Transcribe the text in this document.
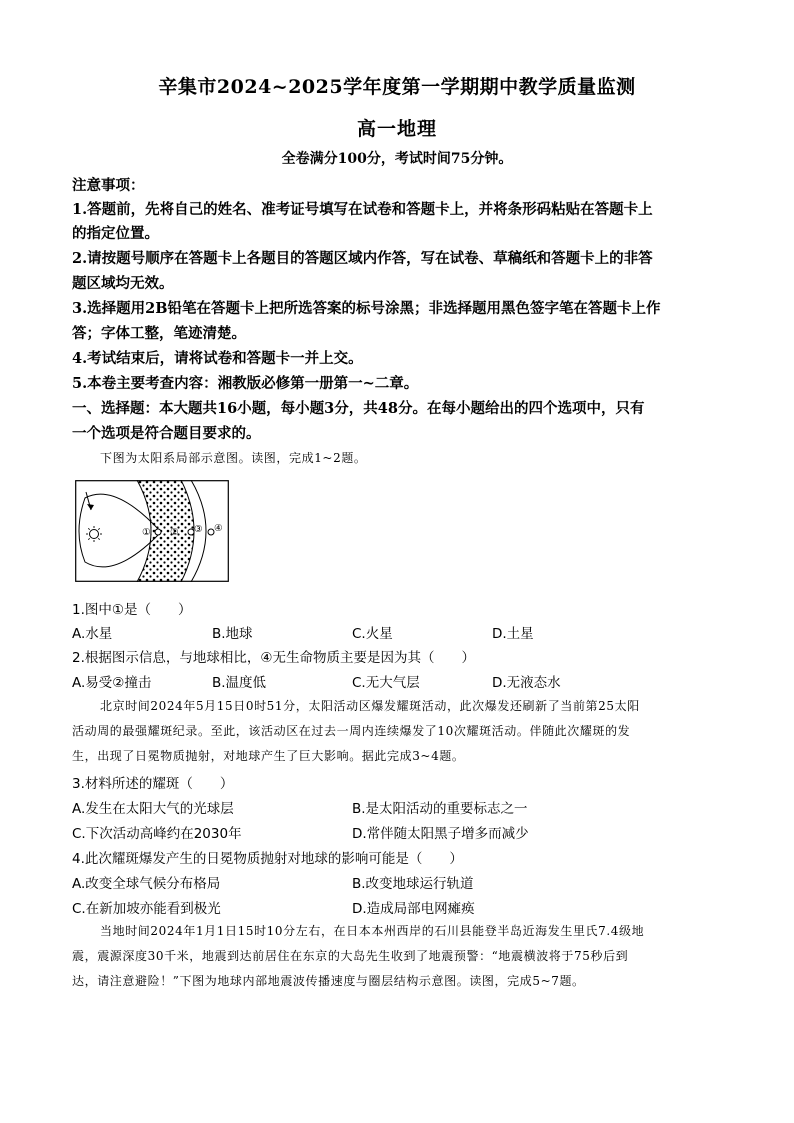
辛集市2024~2025学年度第一学期期中教学质量监测
高一地理
全卷满分100分，考试时间75分钟。
注意事项：
1.答题前，先将自己的姓名、准考证号填写在试卷和答题卡上，并将条形码粘贴在答题卡上
的指定位置。
2.请按题号顺序在答题卡上各题目的答题区域内作答，写在试卷、草稿纸和答题卡上的非答
题区域均无效。
3.选择题用2B铅笔在答题卡上把所选答案的标号涂黑；非选择题用黑色签字笔在答题卡上作
答；字体工整，笔迹清楚。
4.考试结束后，请将试卷和答题卡一并上交。
5.本卷主要考查内容：湘教版必修第一册第一~二章。
一、选择题：本大题共16小题，每小题3分，共48分。在每小题给出的四个选项中，只有
一个选项是符合题目要求的。
下图为太阳系局部示意图。读图，完成1~2题。
① ② ③ ④
1.图中①是（　　）
A.水星	B.地球	C.火星	D.土星
2.根据图示信息，与地球相比，④无生命物质主要是因为其（　　）
A.易受②撞击	B.温度低	C.无大气层	D.无液态水
北京时间2024年5月15日0时51分，太阳活动区爆发耀斑活动，此次爆发还刷新了当前第25太阳
活动周的最强耀斑纪录。至此，该活动区在过去一周内连续爆发了10次耀斑活动。伴随此次耀斑的发
生，出现了日冕物质抛射，对地球产生了巨大影响。据此完成3~4题。
3.材料所述的耀斑（　　）
A.发生在太阳大气的光球层	B.是太阳活动的重要标志之一
C.下次活动高峰约在2030年	D.常伴随太阳黑子增多而减少
4.此次耀斑爆发产生的日冕物质抛射对地球的影响可能是（　　）
A.改变全球气候分布格局	B.改变地球运行轨道
C.在新加坡亦能看到极光	D.造成局部电网瘫痪
当地时间2024年1月1日15时10分左右，在日本本州西岸的石川县能登半岛近海发生里氏7.4级地
震，震源深度30千米，地震到达前居住在东京的大岛先生收到了地震预警：“地震横波将于75秒后到
达，请注意避险！”下图为地球内部地震波传播速度与圈层结构示意图。读图，完成5~7题。
